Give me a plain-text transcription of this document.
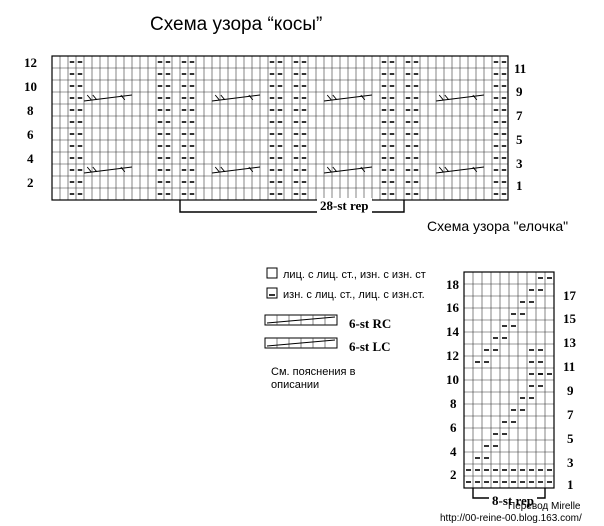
Схема узора “косы”
Схема узора "елочка"
12
10
8
6
4
2
11
9
7
5
3
1
28-st rep
лиц. с лиц. ст., изн. с изн. ст
изн. с лиц. ст., лиц. с изн.ст.
6-st RC
6-st LC
См. пояснения в
описании
18
16
14
12
10
8
6
4
2
17
15
13
11
9
7
5
3
1
8-st rep
Перевод Mirelle
http://00-reine-00.blog.163.com/
